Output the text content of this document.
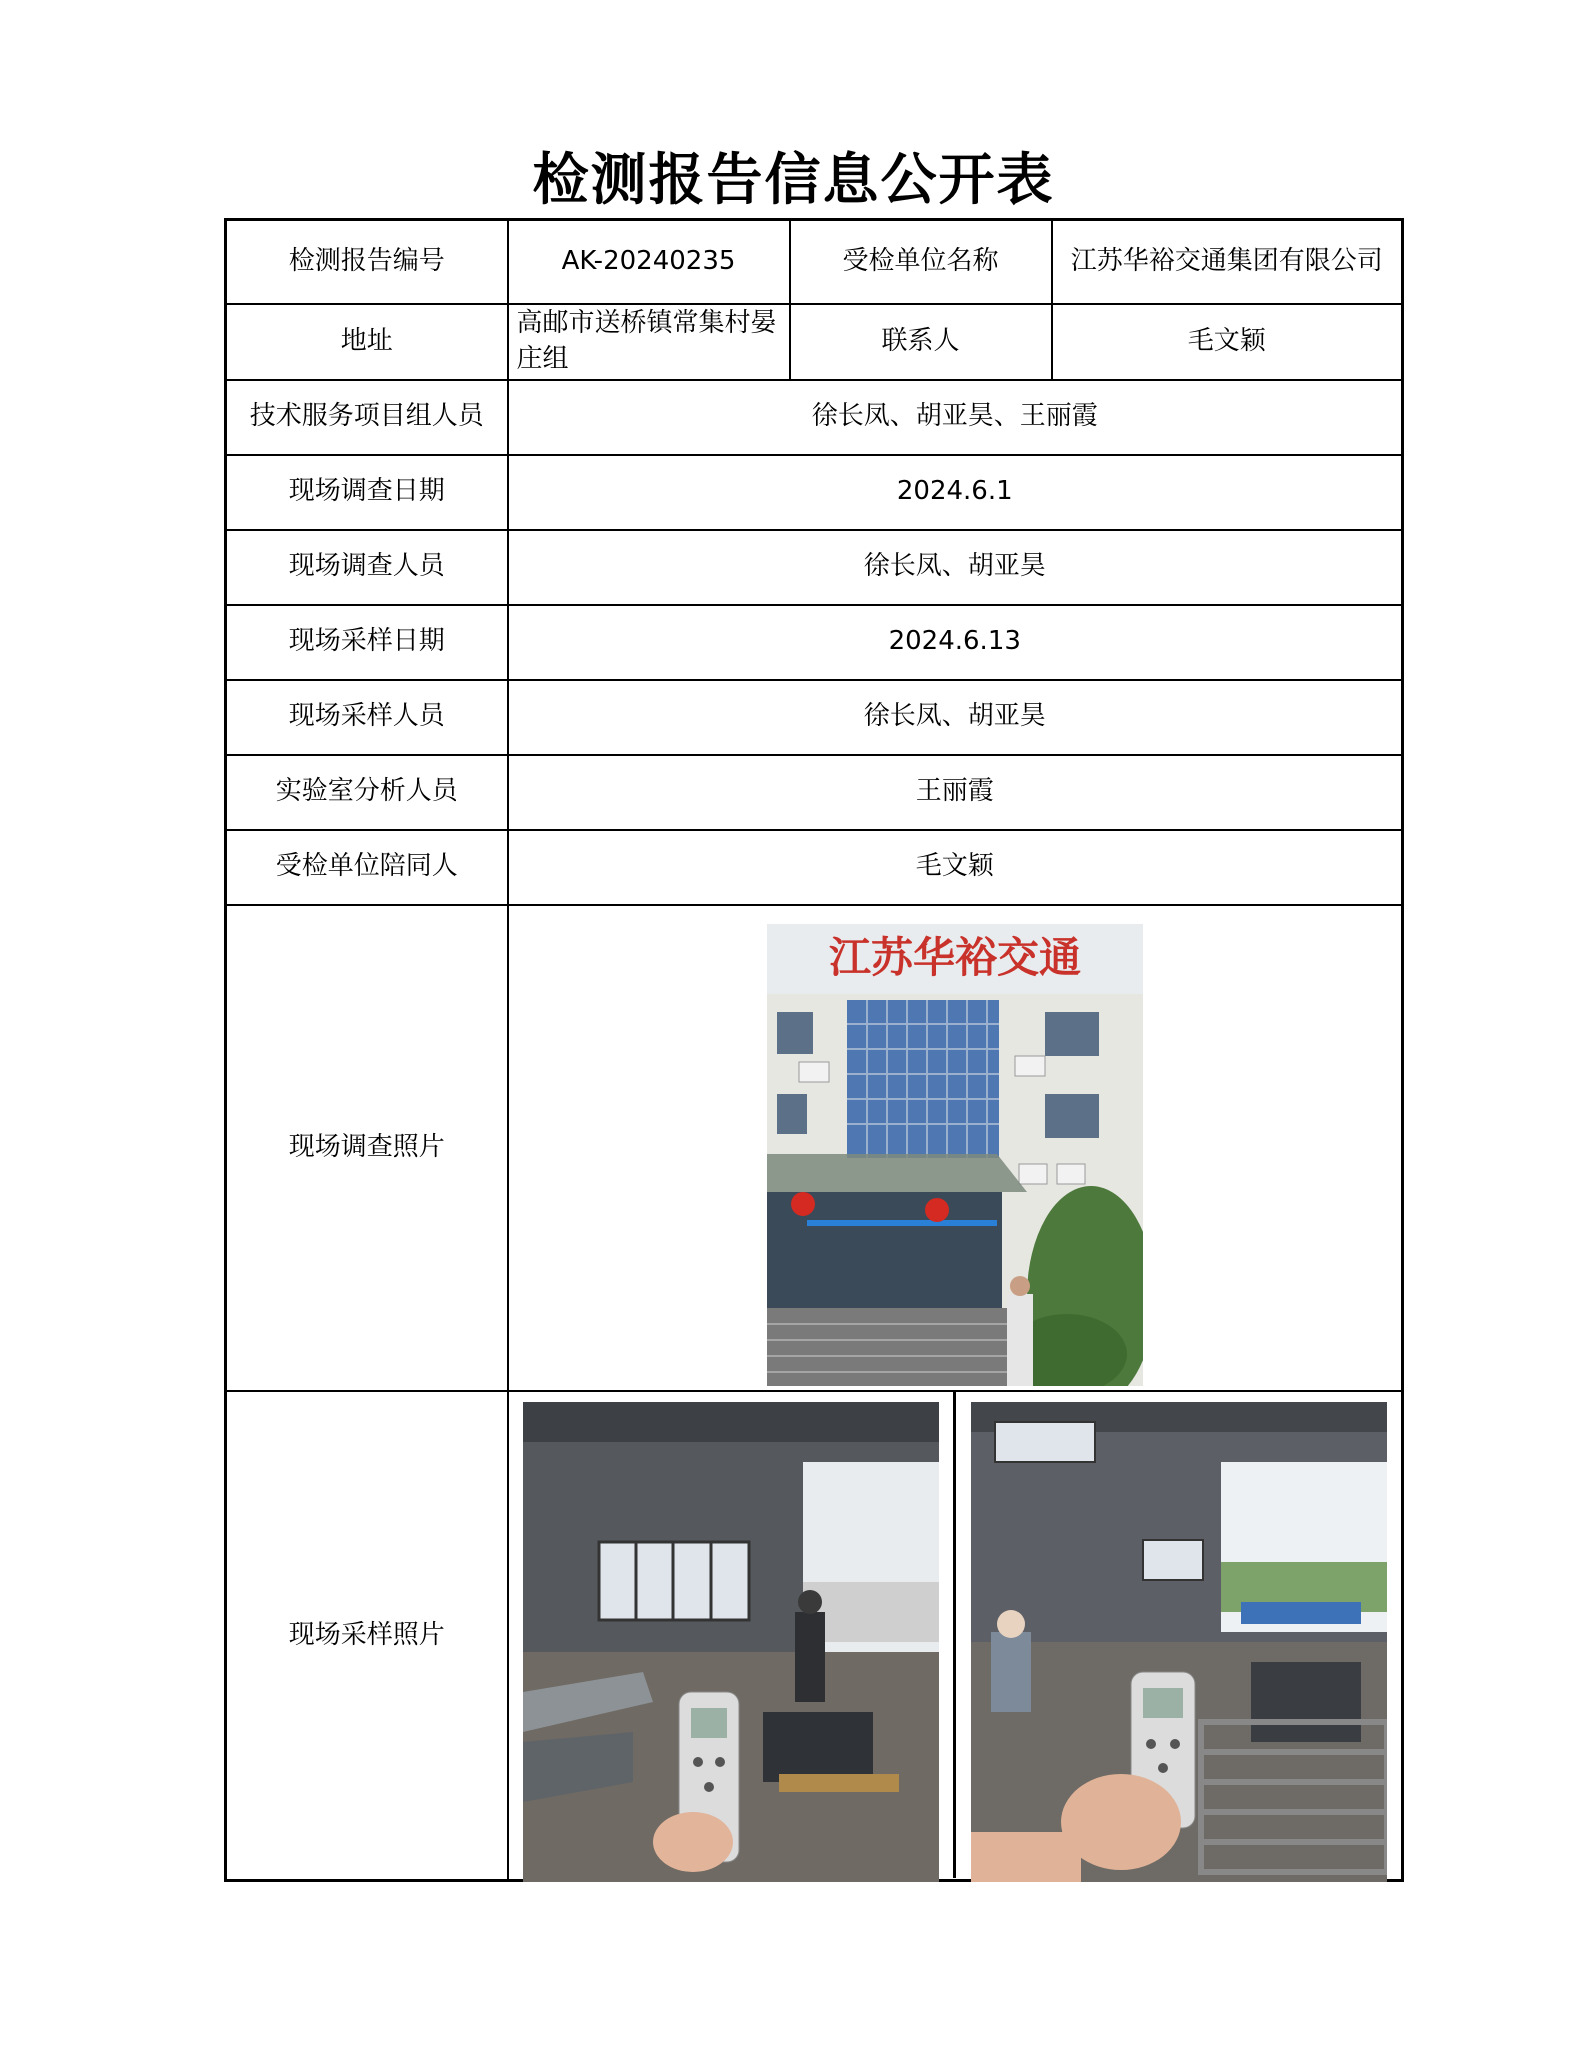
检测报告信息公开表
检测报告编号	AK-20240235	受检单位名称	江苏华裕交通集团有限公司
地址	高邮市送桥镇常集村晏庄组	联系人	毛文颖
技术服务项目组人员	徐长凤、胡亚昊、王丽霞		
现场调查日期	2024.6.1		
现场调查人员	徐长凤、胡亚昊		
现场采样日期	2024.6.13		
现场采样人员	徐长凤、胡亚昊		
实验室分析人员	王丽霞		
受检单位陪同人	毛文颖		
现场调查照片	江苏华裕交通		

现场采样照片	
